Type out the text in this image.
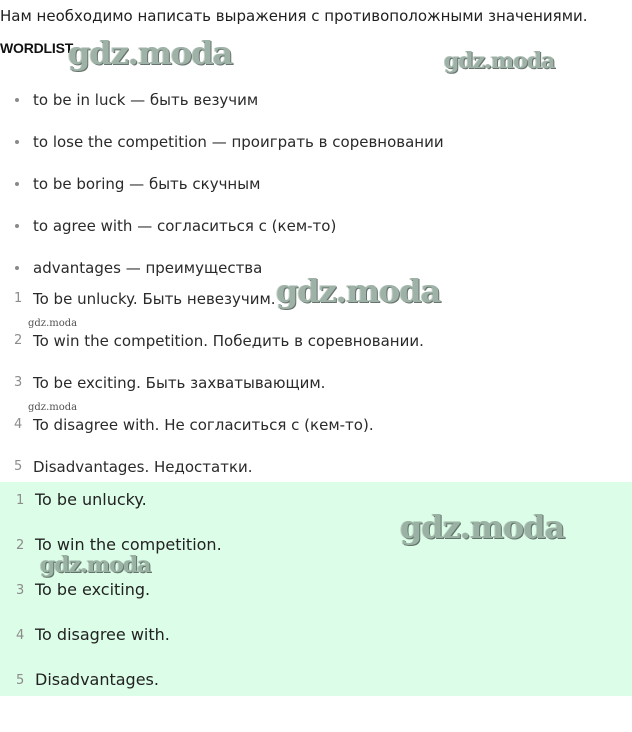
Нам необходимо написать выражения с противоположными значениями.
WORDLIST
to be in luck — быть везучим
to lose the competition — проиграть в соревновании
to be boring — быть скучным
to agree with — согласиться с (кем-то)
advantages — преимущества
1 To be unlucky. Быть невезучим.
2 To win the competition. Победить в соревновании.
3 To be exciting. Быть захватывающим.
4 To disagree with. Не согласиться с (кем-то).
5 Disadvantages. Недостатки.
1 To be unlucky.
2 To win the competition.
3 To be exciting.
4 To disagree with.
5 Disadvantages.
gdz.moda	gdz.moda
gdz.moda
gdz.moda
gdz.moda
gdz.moda
gdz.moda
